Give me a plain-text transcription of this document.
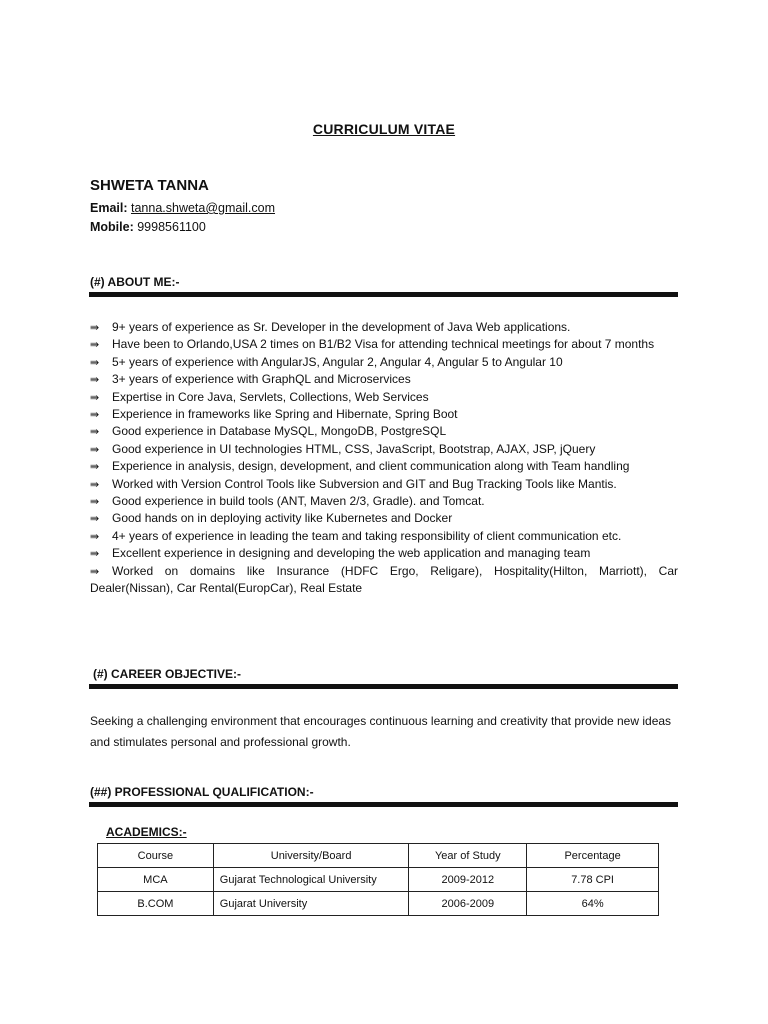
CURRICULUM VITAE
SHWETA TANNA
Email: tanna.shweta@gmail.com
Mobile: 9998561100
(#) ABOUT ME:-
⇛ 9+ years of experience as Sr. Developer in the development of Java Web applications.
⇛ Have been to Orlando,USA 2 times on B1/B2 Visa for attending technical meetings for about 7 months
⇛ 5+ years of experience with AngularJS, Angular 2, Angular 4, Angular 5 to Angular 10
⇛ 3+ years of experience with GraphQL and Microservices
⇛ Expertise in Core Java, Servlets, Collections, Web Services
⇛ Experience in frameworks like Spring and Hibernate, Spring Boot
⇛ Good experience in Database MySQL, MongoDB, PostgreSQL
⇛ Good experience in UI technologies HTML, CSS, JavaScript, Bootstrap, AJAX, JSP, jQuery
⇛ Experience in analysis, design, development, and client communication along with Team handling
⇛ Worked with Version Control Tools like Subversion and GIT and Bug Tracking Tools like Mantis.
⇛ Good experience in build tools (ANT, Maven 2/3, Gradle). and Tomcat.
⇛ Good hands on in deploying activity like Kubernetes and Docker
⇛ 4+ years of experience in leading the team and taking responsibility of client communication etc.
⇛ Excellent experience in designing and developing the web application and managing team
⇛ Worked on domains like Insurance (HDFC Ergo, Religare), Hospitality(Hilton, Marriott), Car Dealer(Nissan), Car Rental(EuropCar), Real Estate
(#) CAREER OBJECTIVE:-
Seeking a challenging environment that encourages continuous learning and creativity that provide new ideas and stimulates personal and professional growth.
(##) PROFESSIONAL QUALIFICATION:-
ACADEMICS:-
Course	University/Board	Year of Study	Percentage
MCA	Gujarat Technological University	2009-2012	7.78 CPI
B.COM	Gujarat University	2006-2009	64%
